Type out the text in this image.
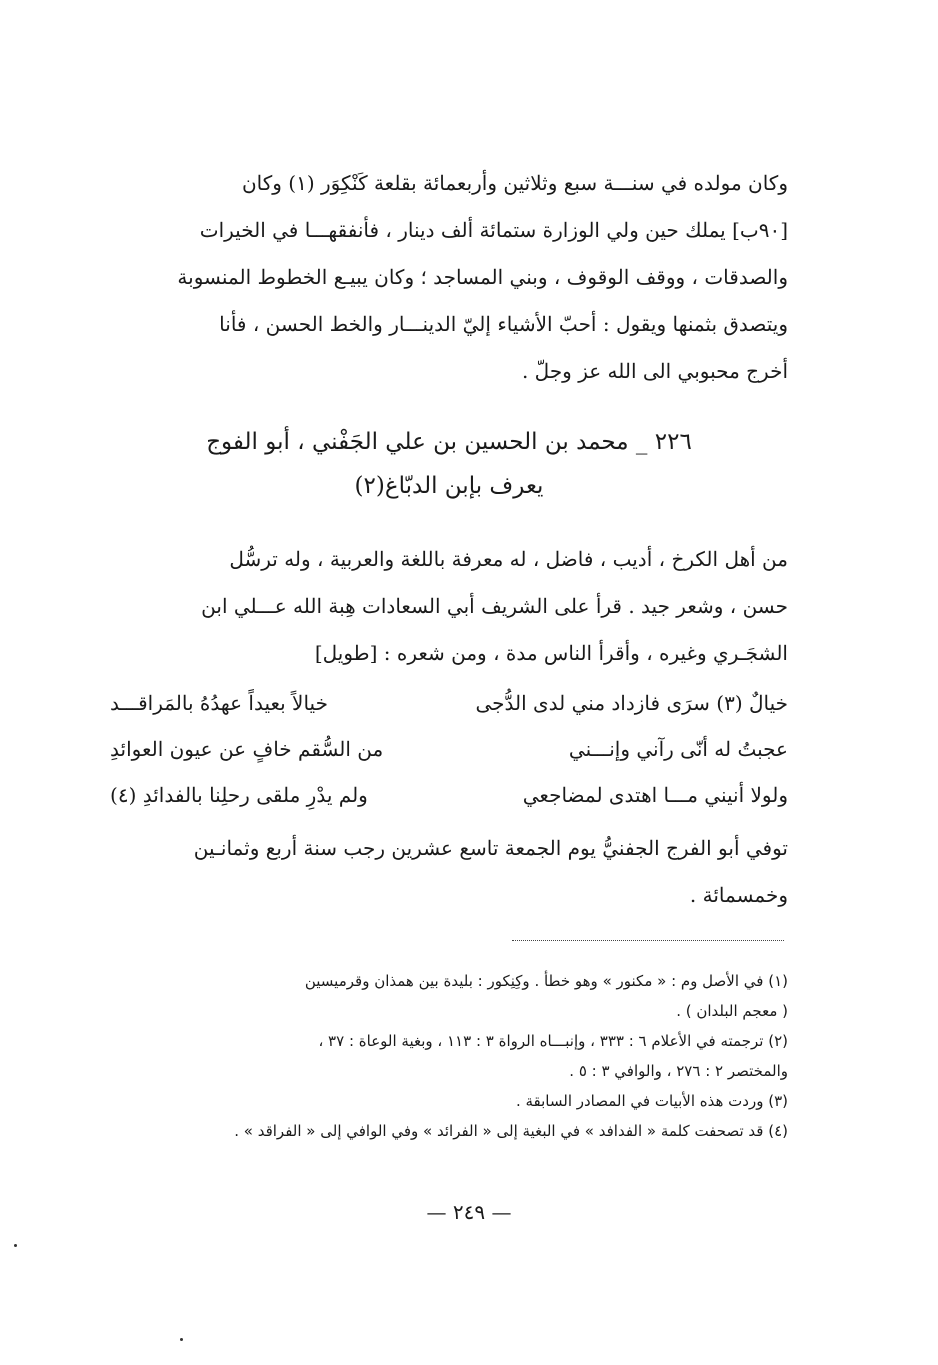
وكان مولده في سنـــة سبع وثلاثين وأربعمائة بقلعة كَنْكِوَر (١) وكان
[٩٠ب] يملك حين ولي الوزارة ستمائة ألف دينار ، فأنفقهـــا في الخيرات
والصدقات ، ووقف الوقوف ، وبني المساجد ؛ وكان يبيـع الخطوط المنسوبة
ويتصدق بثمنها ويقول : أحبّ الأشياء إليّ الدينـــار والخط الحسن ، فأنا
أخرج محبوبي الى الله عز وجلّ .
٢٢٦ _ محمد بن الحسين بن علي الجَفْني ، أبو الفوج
يعرف بإبن الدبّاغ(٢)
من أهل الكرخ ، أديب ، فاضل ، له معرفة باللغة والعربية ، وله ترسُّل
حسن ، وشعر جيد . قرأ على الشريف أبي السعادات هِبة الله عـــلي ابن
الشجَـري وغيره ، وأقرأ الناس مدة ، ومن شعره : [طويل]
خيالٌ (٣) سرَى فازداد مني لدى الدُّجى
خيالاً بعيداً عهدُهُ بالمَراقـــد
عجبتُ له أنّى رآني وإنـــني
من السُّقم خافٍ عن عيون العوائدِ
ولولا أنيني مـــا اهتدى لمضاجعي
ولم يدْرِ ملقى رحلِنا بالفدائدِ (٤)
توفي أبو الفرج الجفنيُّ يوم الجمعة تاسع عشرين رجب سنة أربع وثمانـين
وخمسمائة .
(١) في الأصل وم : « مكنور » وهو خطأ . وكِنِكور : بليدة بين همذان وقرميسين
( معجم البلدان ) .
(٢) ترجمته في الأعلام ٦ : ٣٣٣ ، وإنبـــاه الرواة ٣ : ١١٣ ، وبغية الوعاة : ٣٧ ،
والمختصر ٢ : ٢٧٦ ، والوافي ٣ : ٥ .
(٣) وردت هذه الأبيات في المصادر السابقة .
(٤) قد تصحفت كلمة « الفدافد » في البغية إلى « الفرائد » وفي الوافي إلى « الفراقد » .
— ٢٤٩ —
